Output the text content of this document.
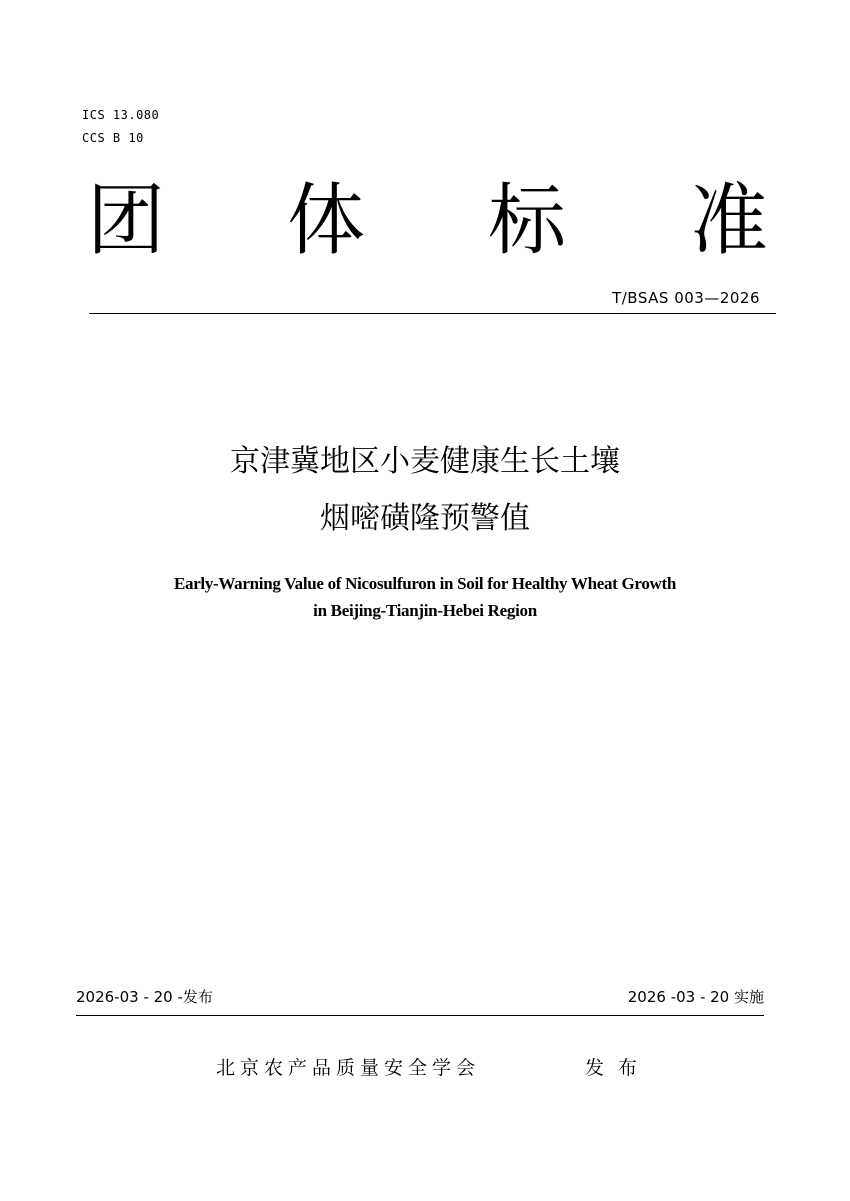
ICS 13.080
CCS B 10
团 体 标 准
T/BSAS 003—2026
京津冀地区小麦健康生长土壤
烟嘧磺隆预警值
Early-Warning Value of Nicosulfuron in Soil for Healthy Wheat Growth
in Beijing-Tianjin-Hebei Region
2026-03 - 20 -发布	2026 -03 - 20 实施
北京农产品质量安全学会	发布
